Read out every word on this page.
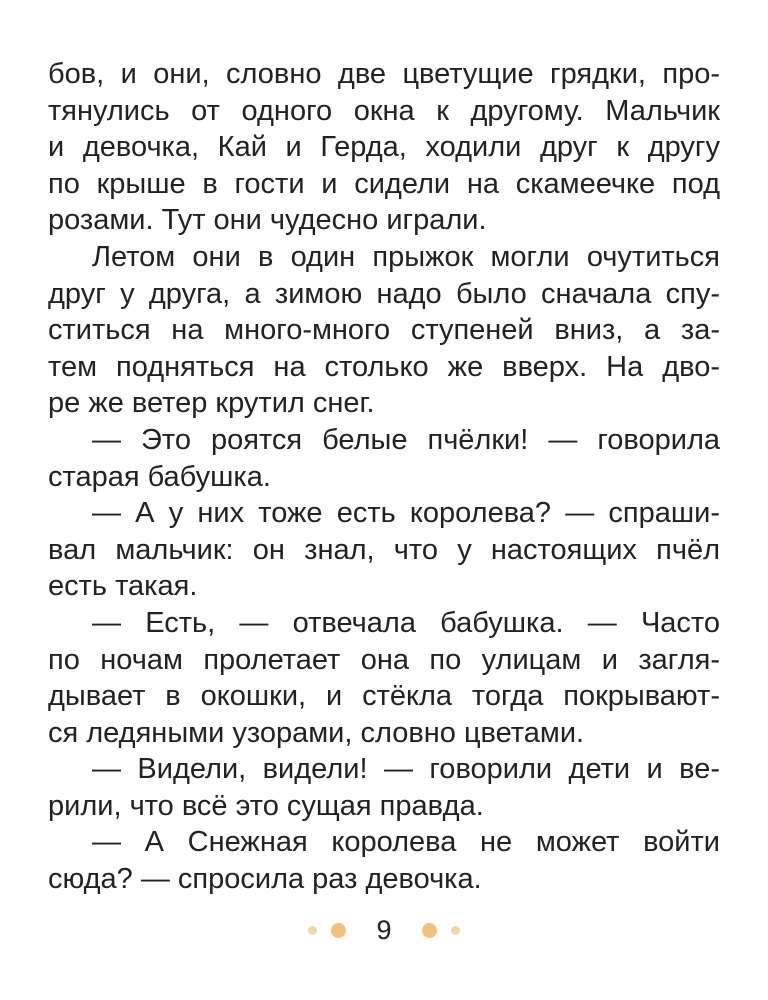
бов, и они, словно две цветущие грядки, про-
тянулись от одного окна к другому. Мальчик
и девочка, Кай и Герда, ходили друг к другу
по крыше в гости и сидели на скамеечке под
розами. Тут они чудесно играли.
Летом они в один прыжок могли очутиться
друг у друга, а зимою надо было сначала спу-
ститься на много-много ступеней вниз, а за-
тем подняться на столько же вверх. На дво-
ре же ветер крутил снег.
— Это роятся белые пчёлки! — говорила
старая бабушка.
— А у них тоже есть королева? — спраши-
вал мальчик: он знал, что у настоящих пчёл
есть такая.
— Есть, — отвечала бабушка. — Часто
по ночам пролетает она по улицам и загля-
дывает в окошки, и стёкла тогда покрывают-
ся ледяными узорами, словно цветами.
— Видели, видели! — говорили дети и ве-
рили, что всё это сущая правда.
— А Снежная королева не может войти
сюда? — спросила раз девочка.
9
